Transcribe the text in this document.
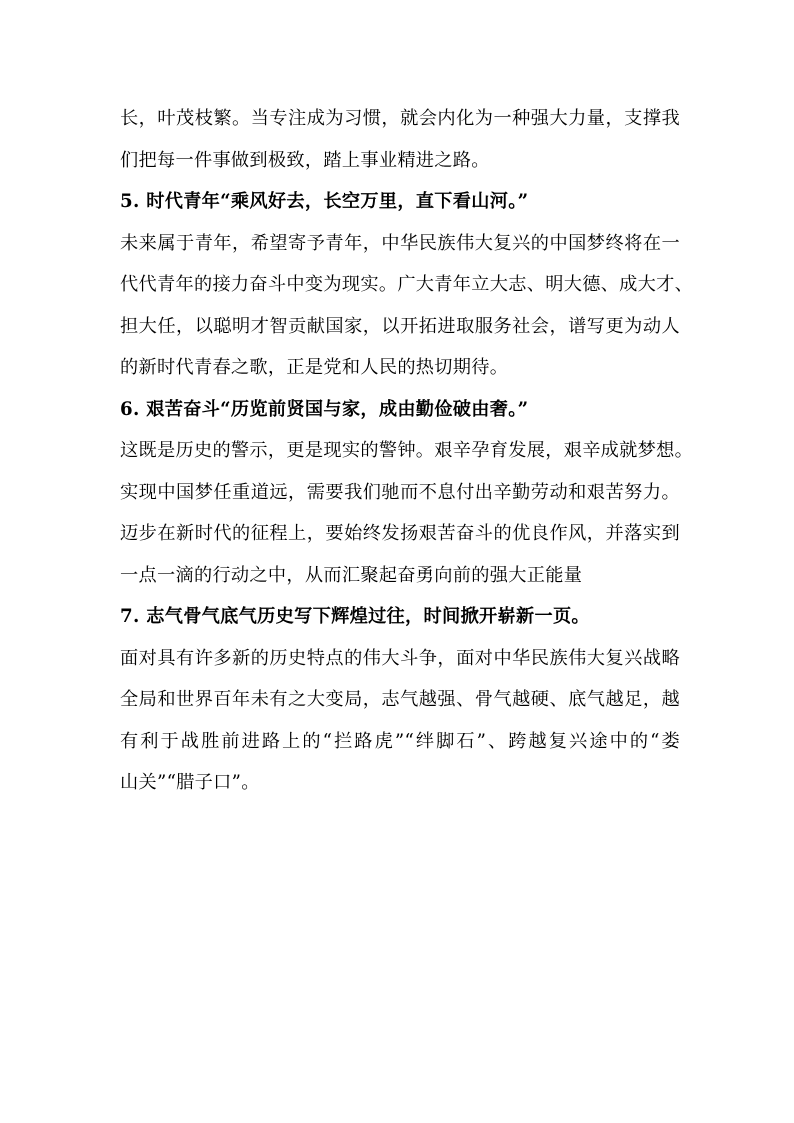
长，叶茂枝繁。当专注成为习惯，就会内化为一种强大力量，支撑我
们把每一件事做到极致，踏上事业精进之路。
5. 时代青年“乘风好去，长空万里，直下看山河。”
未来属于青年，希望寄予青年，中华民族伟大复兴的中国梦终将在一
代代青年的接力奋斗中变为现实。广大青年立大志、明大德、成大才、
担大任，以聪明才智贡献国家，以开拓进取服务社会，谱写更为动人
的新时代青春之歌，正是党和人民的热切期待。
6. 艰苦奋斗“历览前贤国与家，成由勤俭破由奢。”
这既是历史的警示，更是现实的警钟。艰辛孕育发展，艰辛成就梦想。
实现中国梦任重道远，需要我们驰而不息付出辛勤劳动和艰苦努力。
迈步在新时代的征程上，要始终发扬艰苦奋斗的优良作风，并落实到
一点一滴的行动之中，从而汇聚起奋勇向前的强大正能量
7. 志气骨气底气历史写下辉煌过往，时间掀开崭新一页。
面对具有许多新的历史特点的伟大斗争，面对中华民族伟大复兴战略
全局和世界百年未有之大变局，志气越强、骨气越硬、底气越足，越
有利于战胜前进路上的“拦路虎”“绊脚石”、跨越复兴途中的“娄
山关”“腊子口”。
